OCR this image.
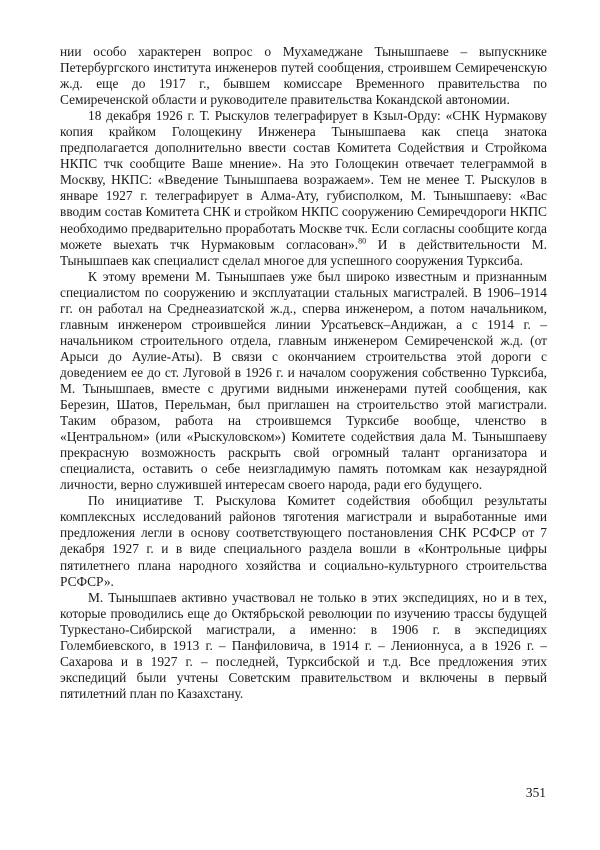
нии особо характерен вопрос о Мухамеджане Тынышпаеве – выпускнике Петербургского института инженеров путей сообщения, строившем Семиреченскую ж.д. еще до 1917 г., бывшем комиссаре Временного правительства по Семиреченской области и руководителе правительства Кокандской автономии.

18 декабря 1926 г. Т. Рыскулов телеграфирует в Кзыл-Орду: «СНК Нурмакову копия крайком Голощекину Инженера Тынышпаева как спеца знатока предполагается дополнительно ввести состав Комитета Содействия и Стройкома НКПС тчк сообщите Ваше мнение». На это Голощекин отвечает телеграммой в Москву, НКПС: «Введение Тынышпаева возражаем». Тем не менее Т. Рыскулов в январе 1927 г. телеграфирует в Алма-Ату, губисполком, М. Тынышпаеву: «Вас вводим состав Комитета СНК и стройком НКПС сооружению Семиречдороги НКПС необходимо предварительно проработать Москве тчк. Если согласны сообщите когда можете выехать тчк Нурмаковым согласован».$^{80}$ И в действительности М. Тынышпаев как специалист сделал многое для успешного сооружения Турксиба.

К этому времени М. Тынышпаев уже был широко известным и признанным специалистом по сооружению и эксплуатации стальных магистралей. В 1906–1914 гг. он работал на Среднеазиатской ж.д., сперва инженером, а потом начальником, главным инженером строившейся линии Урсатьевск–Андижан, а с 1914 г. – начальником строительного отдела, главным инженером Семиреченской ж.д. (от Арыси до Аулие-Аты). В связи с окончанием строительства этой дороги с доведением ее до ст. Луговой в 1926 г. и началом сооружения собственно Турксиба, М. Тынышпаев, вместе с другими видными инженерами путей сообщения, как Березин, Шатов, Перельман, был приглашен на строительство этой магистрали. Таким образом, работа на строившемся Турксибе вообще, членство в «Центральном» (или «Рыскуловском») Комитете содействия дала М. Тынышпаеву прекрасную возможность раскрыть свой огромный талант организатора и специалиста, оставить о себе неизгладимую память потомкам как незаурядной личности, верно служившей интересам своего народа, ради его будущего.

По инициативе Т. Рыскулова Комитет содействия обобщил результаты комплексных исследований районов тяготения магистрали и выработанные ими предложения легли в основу соответствующего постановления СНК РСФСР от 7 декабря 1927 г. и в виде специального раздела вошли в «Контрольные цифры пятилетнего плана народного хозяйства и социально-культурного строительства РСФСР».

М. Тынышпаев активно участвовал не только в этих экспедициях, но и в тех, которые проводились еще до Октябрьской революции по изучению трассы будущей Туркестано-Сибирской магистрали, а именно: в 1906 г. в экспедициях Голембиевского, в 1913 г. – Панфиловича, в 1914 г. – Ленионнуса, а в 1926 г. – Сахарова и в 1927 г. – последней, Турксибской и т.д. Все предложения этих экспедиций были учтены Советским правительством и включены в первый пятилетний план по Казахстану.

351
